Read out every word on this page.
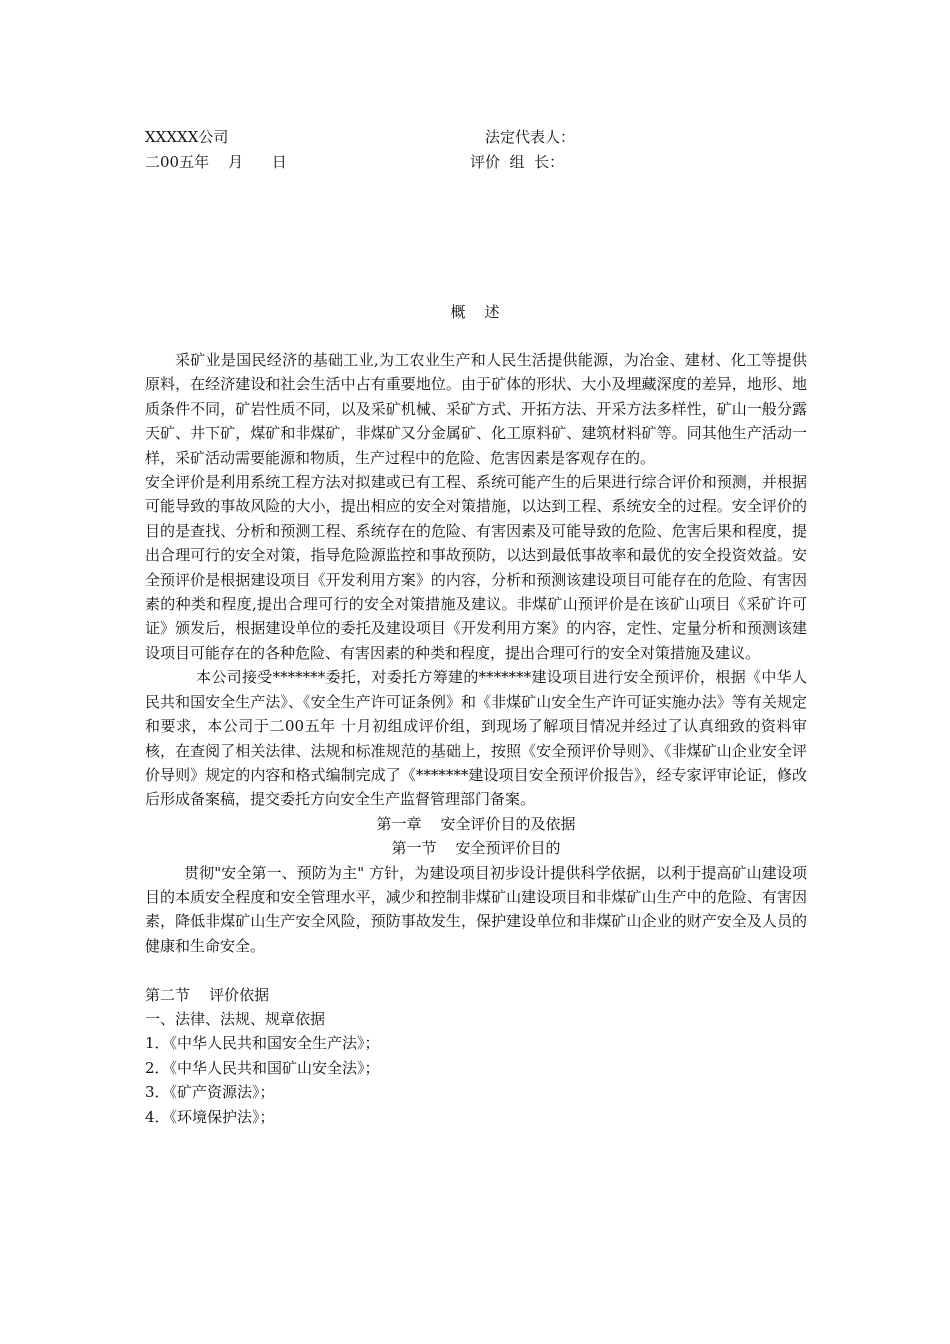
XXXXX公司

	法定代表人：

二00五年    月      日

	评价  组  长：

概    述

采矿业是国民经济的基础工业,为工农业生产和人民生活提供能源，为冶金、建材、化工等提供原料，在经济建设和社会生活中占有重要地位。由于矿体的形状、大小及埋藏深度的差异，地形、地质条件不同，矿岩性质不同，以及采矿机械、采矿方式、开拓方法、开采方法多样性，矿山一般分露天矿、井下矿，煤矿和非煤矿，非煤矿又分金属矿、化工原料矿、建筑材料矿等。同其他生产活动一样，采矿活动需要能源和物质，生产过程中的危险、危害因素是客观存在的。

安全评价是利用系统工程方法对拟建或已有工程、系统可能产生的后果进行综合评价和预测，并根据可能导致的事故风险的大小，提出相应的安全对策措施，以达到工程、系统安全的过程。安全评价的目的是查找、分析和预测工程、系统存在的危险、有害因素及可能导致的危险、危害后果和程度，提出合理可行的安全对策，指导危险源监控和事故预防，以达到最低事故率和最优的安全投资效益。安全预评价是根据建设项目《开发利用方案》的内容，分析和预测该建设项目可能存在的危险、有害因素的种类和程度,提出合理可行的安全对策措施及建议。非煤矿山预评价是在该矿山项目《采矿许可证》颁发后，根据建设单位的委托及建设项目《开发利用方案》的内容，定性、定量分析和预测该建设项目可能存在的各种危险、有害因素的种类和程度，提出合理可行的安全对策措施及建议。

本公司接受*******委托，对委托方筹建的*******建设项目进行安全预评价，根据《中华人民共和国安全生产法》、《安全生产许可证条例》和《非煤矿山安全生产许可证实施办法》等有关规定和要求，本公司于二00五年 十月初组成评价组，到现场了解项目情况并经过了认真细致的资料审核，在查阅了相关法律、法规和标准规范的基础上，按照《安全预评价导则》、《非煤矿山企业安全评价导则》规定的内容和格式编制完成了《*******建设项目安全预评价报告》，经专家评审论证，修改后形成备案稿，提交委托方向安全生产监督管理部门备案。

第一章    安全评价目的及依据

第一节    安全预评价目的

贯彻"安全第一、预防为主" 方针，为建设项目初步设计提供科学依据，以利于提高矿山建设项目的本质安全程度和安全管理水平，减少和控制非煤矿山建设项目和非煤矿山生产中的危险、有害因素，降低非煤矿山生产安全风险，预防事故发生，保护建设单位和非煤矿山企业的财产安全及人员的健康和生命安全。

第二节    评价依据

一、法律、法规、规章依据

1．《中华人民共和国安全生产法》；

2．《中华人民共和国矿山安全法》；

3．《矿产资源法》；

4．《环境保护法》；
